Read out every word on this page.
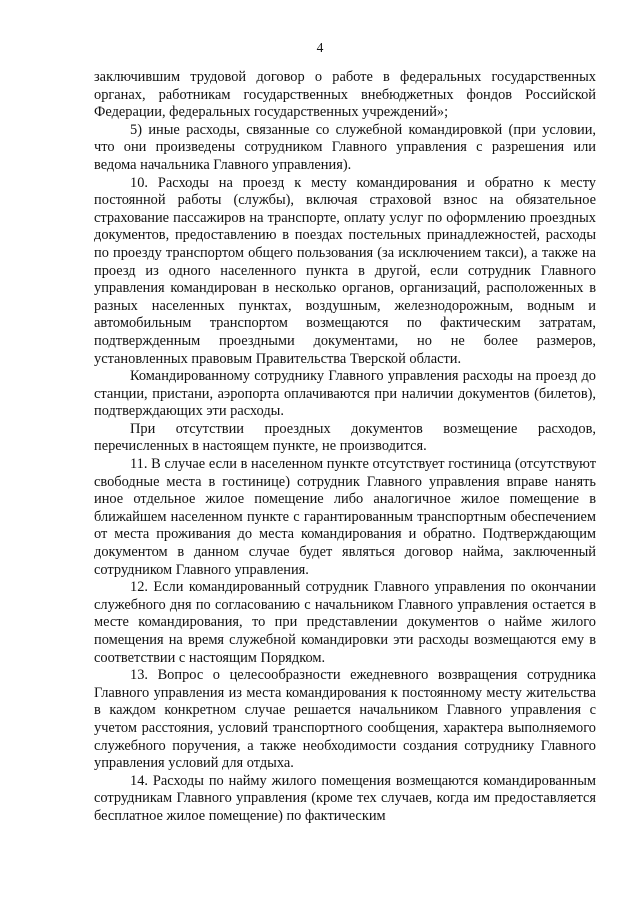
4

заключившим трудовой договор о работе в федеральных государственных органах, работникам государственных внебюджетных фондов Российской Федерации, федеральных государственных учреждений»;

5) иные расходы, связанные со служебной командировкой (при условии, что они произведены сотрудником Главного управления с разрешения или ведома начальника Главного управления).

10. Расходы на проезд к месту командирования и обратно к месту постоянной работы (службы), включая страховой взнос на обязательное страхование пассажиров на транспорте, оплату услуг по оформлению проездных документов, предоставлению в поездах постельных принадлежностей, расходы по проезду транспортом общего пользования (за исключением такси), а также на проезд из одного населенного пункта в другой, если сотрудник Главного управления командирован в несколько органов, организаций, расположенных в разных населенных пунктах, воздушным, железнодорожным, водным и автомобильным транспортом возмещаются по фактическим затратам, подтвержденным проездными документами, но не более размеров, установленных правовым Правительства Тверской области.

Командированному сотруднику Главного управления расходы на проезд до станции, пристани, аэропорта оплачиваются при наличии документов (билетов), подтверждающих эти расходы.

При отсутствии проездных документов возмещение расходов, перечисленных в настоящем пункте, не производится.

11. В случае если в населенном пункте отсутствует гостиница (отсутствуют свободные места в гостинице) сотрудник Главного управления вправе нанять иное отдельное жилое помещение либо аналогичное жилое помещение в ближайшем населенном пункте с гарантированным транспортным обеспечением от места проживания до места командирования и обратно. Подтверждающим документом в данном случае будет являться договор найма, заключенный сотрудником Главного управления.

12. Если командированный сотрудник Главного управления по окончании служебного дня по согласованию с начальником Главного управления остается в месте командирования, то при представлении документов о найме жилого помещения на время служебной командировки эти расходы возмещаются ему в соответствии с настоящим Порядком.

13. Вопрос о целесообразности ежедневного возвращения сотрудника Главного управления из места командирования к постоянному месту жительства в каждом конкретном случае решается начальником Главного управления с учетом расстояния, условий транспортного сообщения, характера выполняемого служебного поручения, а также необходимости создания сотруднику Главного управления условий для отдыха.

14. Расходы по найму жилого помещения возмещаются командированным сотрудникам Главного управления (кроме тех случаев, когда им предоставляется бесплатное жилое помещение) по фактическим
